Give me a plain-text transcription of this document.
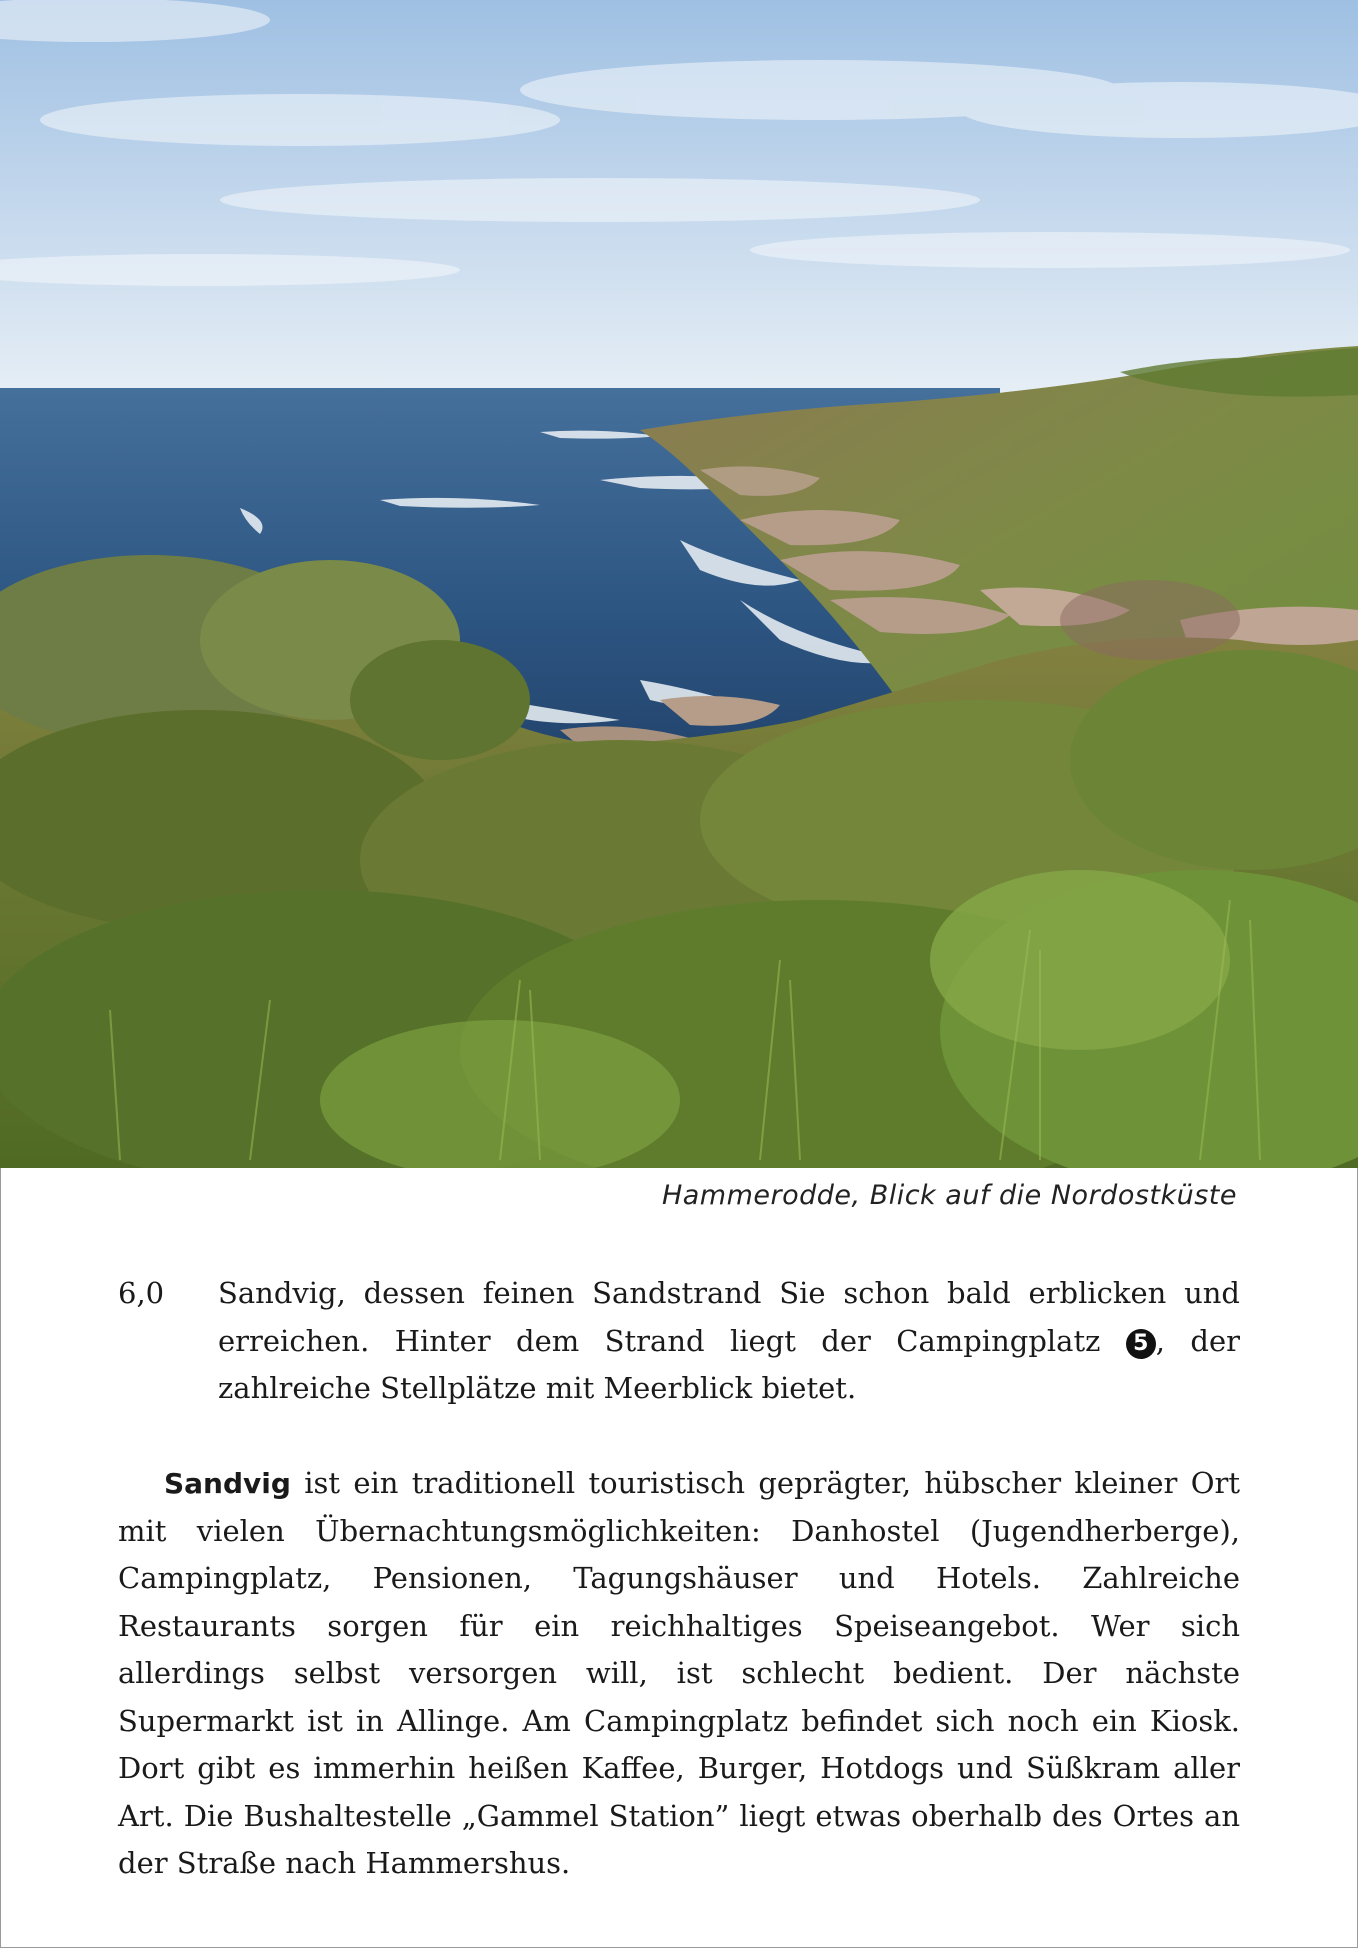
Hammerodde, Blick auf die Nordostküste
6,0 Sandvig, dessen feinen Sandstrand Sie schon bald erblicken und erreichen. Hinter dem Strand liegt der Campingplatz 5 , der zahlreiche Stellplätze mit Meerblick bietet.

Sandvig ist ein traditionell touristisch geprägter, hübscher kleiner Ort mit vielen Übernachtungsmöglichkeiten: Danhostel (Jugendherberge), Campingplatz, Pensionen, Tagungshäuser und Hotels. Zahlreiche Restaurants sorgen für ein reichhaltiges Speiseangebot. Wer sich allerdings selbst versorgen will, ist schlecht bedient. Der nächste Supermarkt ist in Allinge. Am Campingplatz befindet sich noch ein Kiosk. Dort gibt es immerhin heißen Kaffee, Burger, Hotdogs und Süßkram aller Art. Die Bushaltestelle „Gammel Station” liegt etwas oberhalb des Ortes an der Straße nach Hammershus.
